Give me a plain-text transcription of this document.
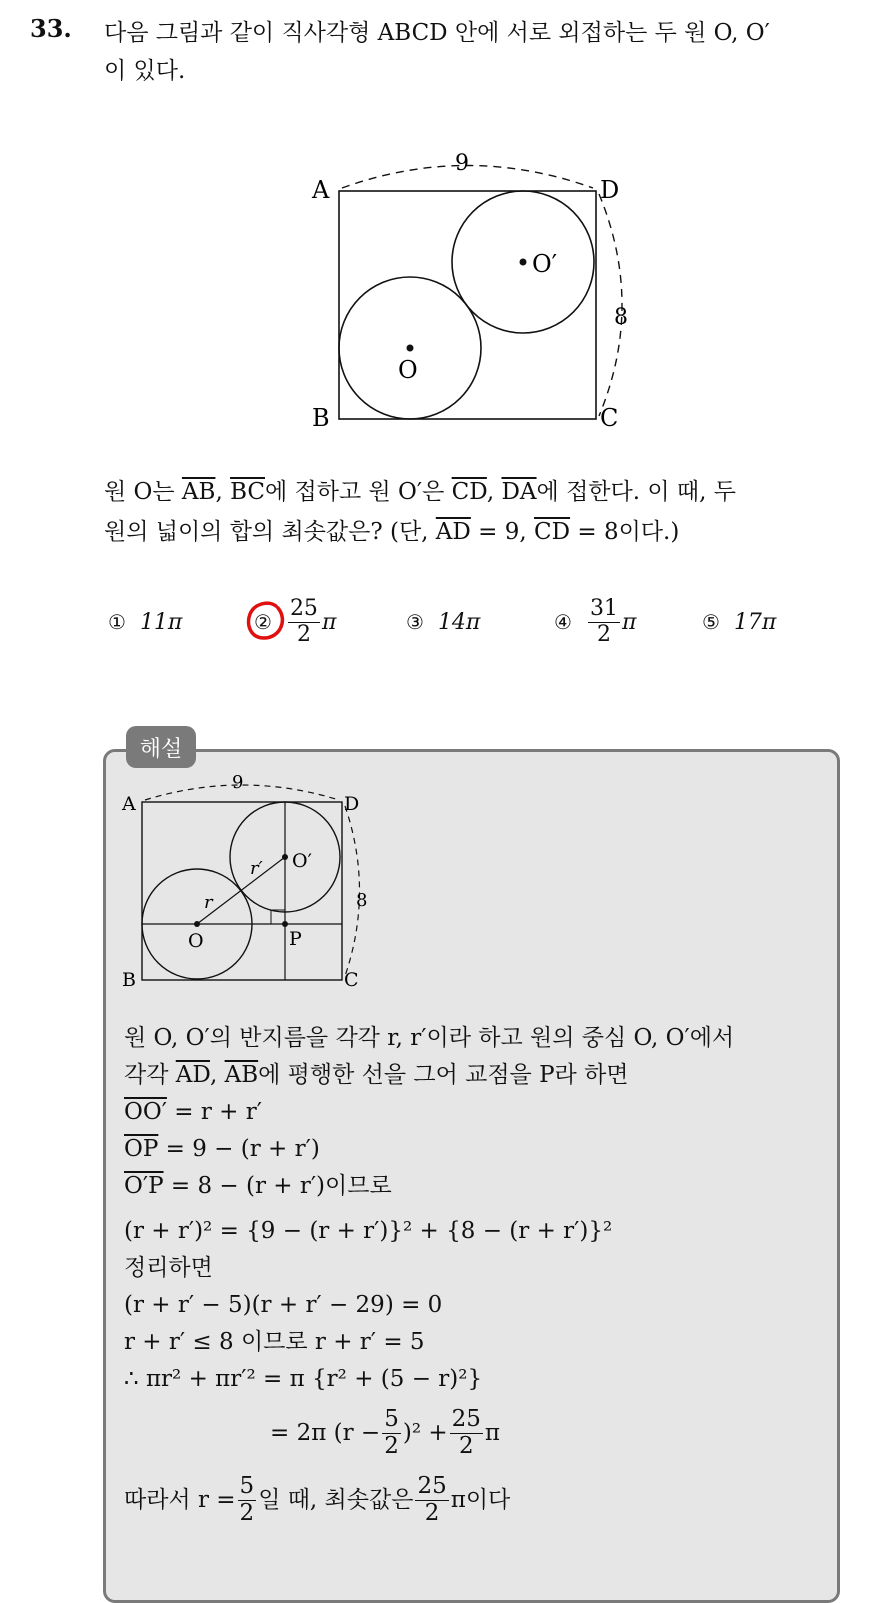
33. 다음 그림과 같이 직사각형 ABCD 안에 서로 외접하는 두 원 O, O′
이 있다.
A
B	C
D
O
O′
9
8
원 O는 $\overline{AB}$, $\overline{BC}$에 접하고 원 O′은 $\overline{CD}$, $\overline{DA}$에 접한다. 이 때, 두
원의 넓이의 합의 최솟값은? (단, $\overline{AD} = 9$, $\overline{CD} = 8$이다.)
① 11π	② $\frac{25}{2}$ π	③ 14π	④ $\frac{31}{2}$ π	⑤ 17π
해설
A
B	C
D
O
O′
P
9
8
r
r′
원 O, O′의 반지름을 각각 r, r′이라 하고 원의 중심 O, O′에서
각각 $\overline{AD}$, $\overline{AB}$에 평행한 선을 그어 교점을 P라 하면
OO′ = r + r′
$\overline{OP} = 9 - (r + r')$
O′P = 8 − (r + r′)이므로
(r + r′)² = {9 − (r + r′)}² + {8 − (r + r′)}²
정리하면
(r + r′ − 5)(r + r′ − 29) = 0
r + r′ ≤ 8 이므로 r + r′ = 5
∴ πr² + πr′² = π {r² + (5 − r)²}
= 2π $(r - \frac{5}{2} )^2 + \frac{25}{2}$ π
따라서 $r = \frac{5}{2}$ 일 때, 최솟값은 $\frac{25}{2}$ π이다
